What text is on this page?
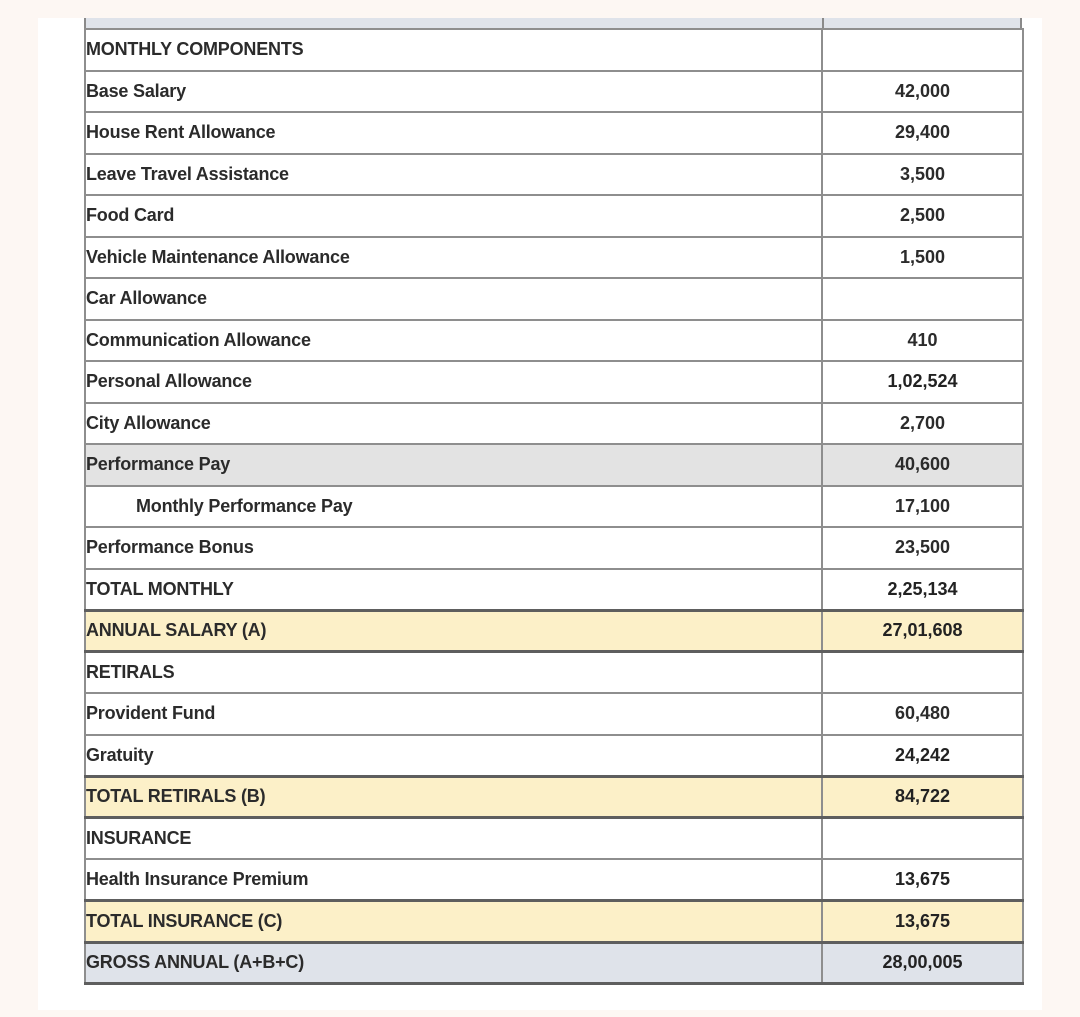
MONTHLY COMPONENTS	
Base Salary	42,000
House Rent Allowance	29,400
Leave Travel Assistance	3,500
Food Card	2,500
Vehicle Maintenance Allowance	1,500
Car Allowance	
Communication Allowance	410
Personal Allowance	1,02,524
City Allowance	2,700
Performance Pay	40,600
Monthly Performance Pay	17,100
Performance Bonus	23,500
TOTAL MONTHLY	2,25,134
ANNUAL SALARY (A)	27,01,608
RETIRALS	
Provident Fund	60,480
Gratuity	24,242
TOTAL RETIRALS (B)	84,722
INSURANCE	
Health Insurance Premium	13,675
TOTAL INSURANCE (C)	13,675
GROSS ANNUAL (A+B+C)	28,00,005
